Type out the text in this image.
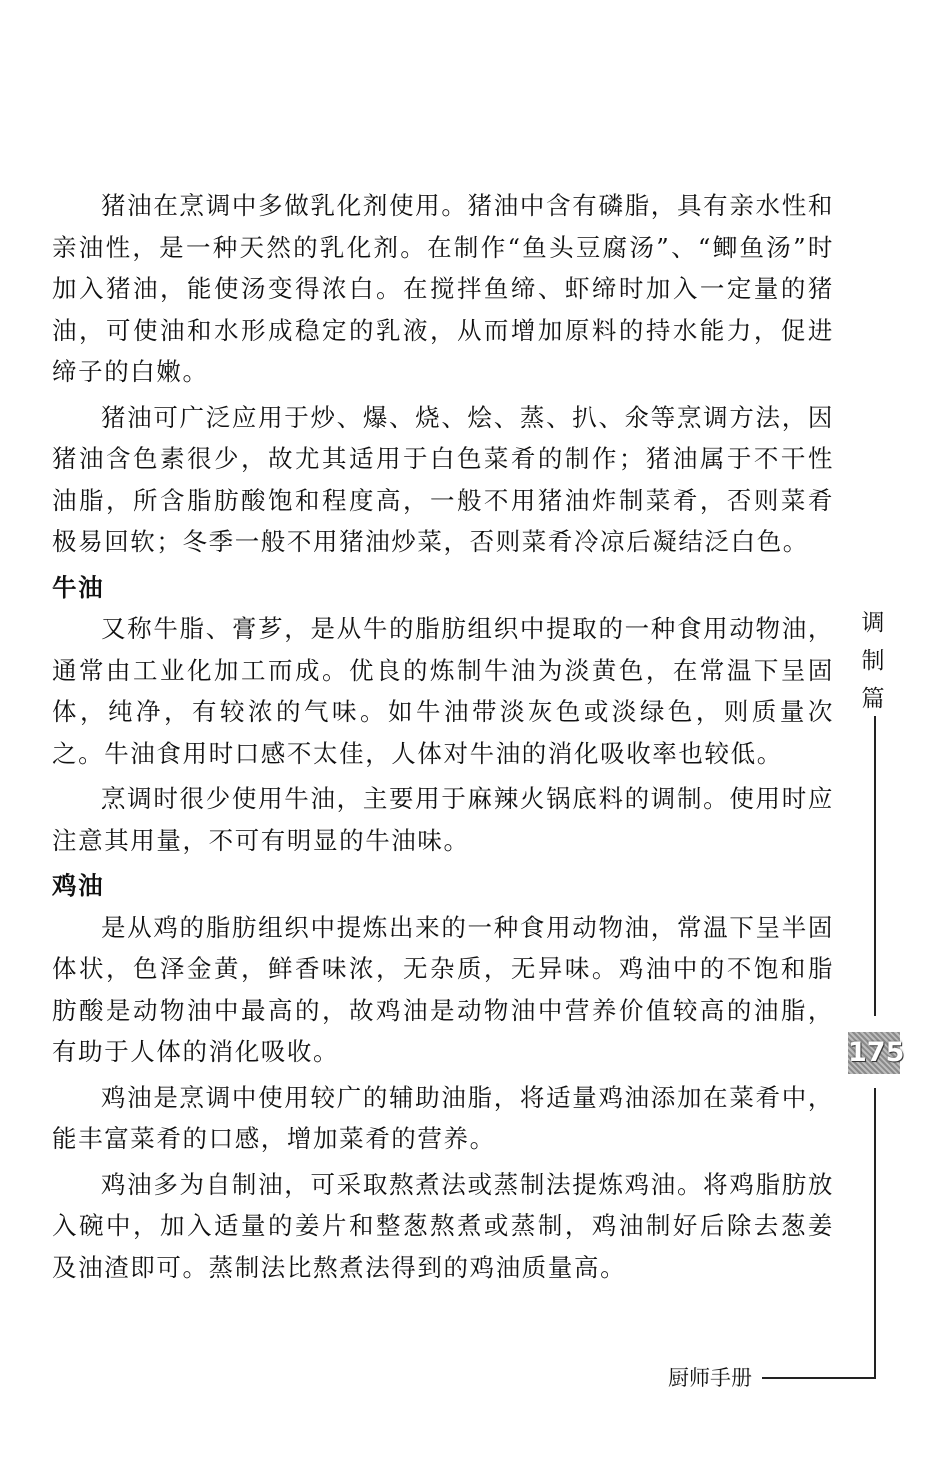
猪油在烹调中多做乳化剂使用。猪油中含有磷脂，具有亲水性和亲油性，是一种天然的乳化剂。在制作“鱼头豆腐汤”、“鲫鱼汤”时加入猪油，能使汤变得浓白。在搅拌鱼缔、虾缔时加入一定量的猪油，可使油和水形成稳定的乳液，从而增加原料的持水能力，促进缔子的白嫩。

猪油可广泛应用于炒、爆、烧、烩、蒸、扒、氽等烹调方法，因猪油含色素很少，故尤其适用于白色菜肴的制作；猪油属于不干性油脂，所含脂肪酸饱和程度高，一般不用猪油炸制菜肴，否则菜肴极易回软；冬季一般不用猪油炒菜，否则菜肴冷凉后凝结泛白色。

牛油

又称牛脂、膏芗，是从牛的脂肪组织中提取的一种食用动物油，通常由工业化加工而成。优良的炼制牛油为淡黄色，在常温下呈固体，纯净，有较浓的气味。如牛油带淡灰色或淡绿色，则质量次之。牛油食用时口感不太佳，人体对牛油的消化吸收率也较低。

烹调时很少使用牛油，主要用于麻辣火锅底料的调制。使用时应注意其用量，不可有明显的牛油味。

鸡油

是从鸡的脂肪组织中提炼出来的一种食用动物油，常温下呈半固体状，色泽金黄，鲜香味浓，无杂质，无异味。鸡油中的不饱和脂肪酸是动物油中最高的，故鸡油是动物油中营养价值较高的油脂，有助于人体的消化吸收。

鸡油是烹调中使用较广的辅助油脂，将适量鸡油添加在菜肴中，能丰富菜肴的口感，增加菜肴的营养。

鸡油多为自制油，可采取熬煮法或蒸制法提炼鸡油。将鸡脂肪放入碗中，加入适量的姜片和整葱熬煮或蒸制，鸡油制好后除去葱姜及油渣即可。蒸制法比熬煮法得到的鸡油质量高。

调
制
篇
175
厨师手册
